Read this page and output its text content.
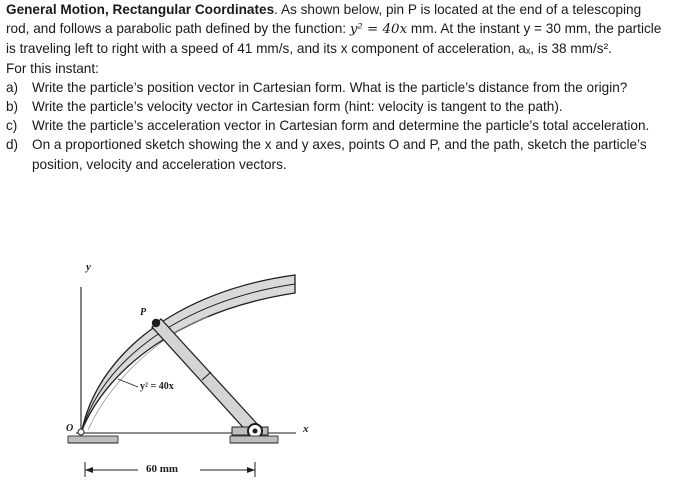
General Motion, Rectangular Coordinates. As shown below, pin P is located at the end of a telescoping rod, and follows a parabolic path defined by the function: y² = 40x mm. At the instant y = 30 mm, the particle is traveling left to right with a speed of 41 mm/s, and its x component of acceleration, aₓ, is 38 mm/s².

For this instant:

a)	Write the particle’s position vector in Cartesian form. What is the particle’s distance from the origin?
b)	Write the particle’s velocity vector in Cartesian form (hint: velocity is tangent to the path).
c)	Write the particle’s acceleration vector in Cartesian form and determine the particle’s total acceleration.
d)	On a proportioned sketch showing the x and y axes, points O and P, and the path, sketch the particle’s position, velocity and acceleration vectors.
y
x
P
O
y² = 40x
60 mm
